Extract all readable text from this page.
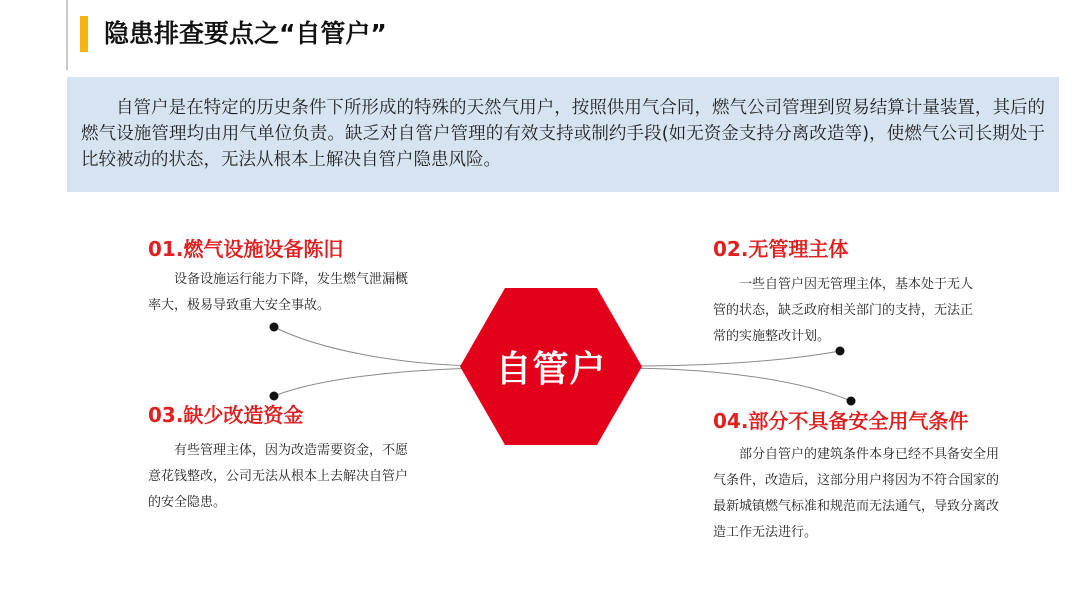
隐患排查要点之“自管户”

自管户是在特定的历史条件下所形成的特殊的天然气用户，按照供用气合同，燃气公司管理到贸易结算计量装置，其后的燃气设施管理均由用气单位负责。缺乏对自管户管理的有效支持或制约手段(如无资金支持分离改造等)，使燃气公司长期处于比较被动的状态，无法从根本上解决自管户隐患风险。

自管户
01.燃气设施设备陈旧

设备设施运行能力下降，发生燃气泄漏概率大，极易导致重大安全事故。

02.无管理主体

一些自管户因无管理主体，基本处于无人管的状态，缺乏政府相关部门的支持，无法正常的实施整改计划。

03.缺少改造资金

有些管理主体，因为改造需要资金，不愿意花钱整改，公司无法从根本上去解决自管户的安全隐患。

04.部分不具备安全用气条件

部分自管户的建筑条件本身已经不具备安全用气条件，改造后，这部分用户将因为不符合国家的最新城镇燃气标准和规范而无法通气，导致分离改造工作无法进行。
